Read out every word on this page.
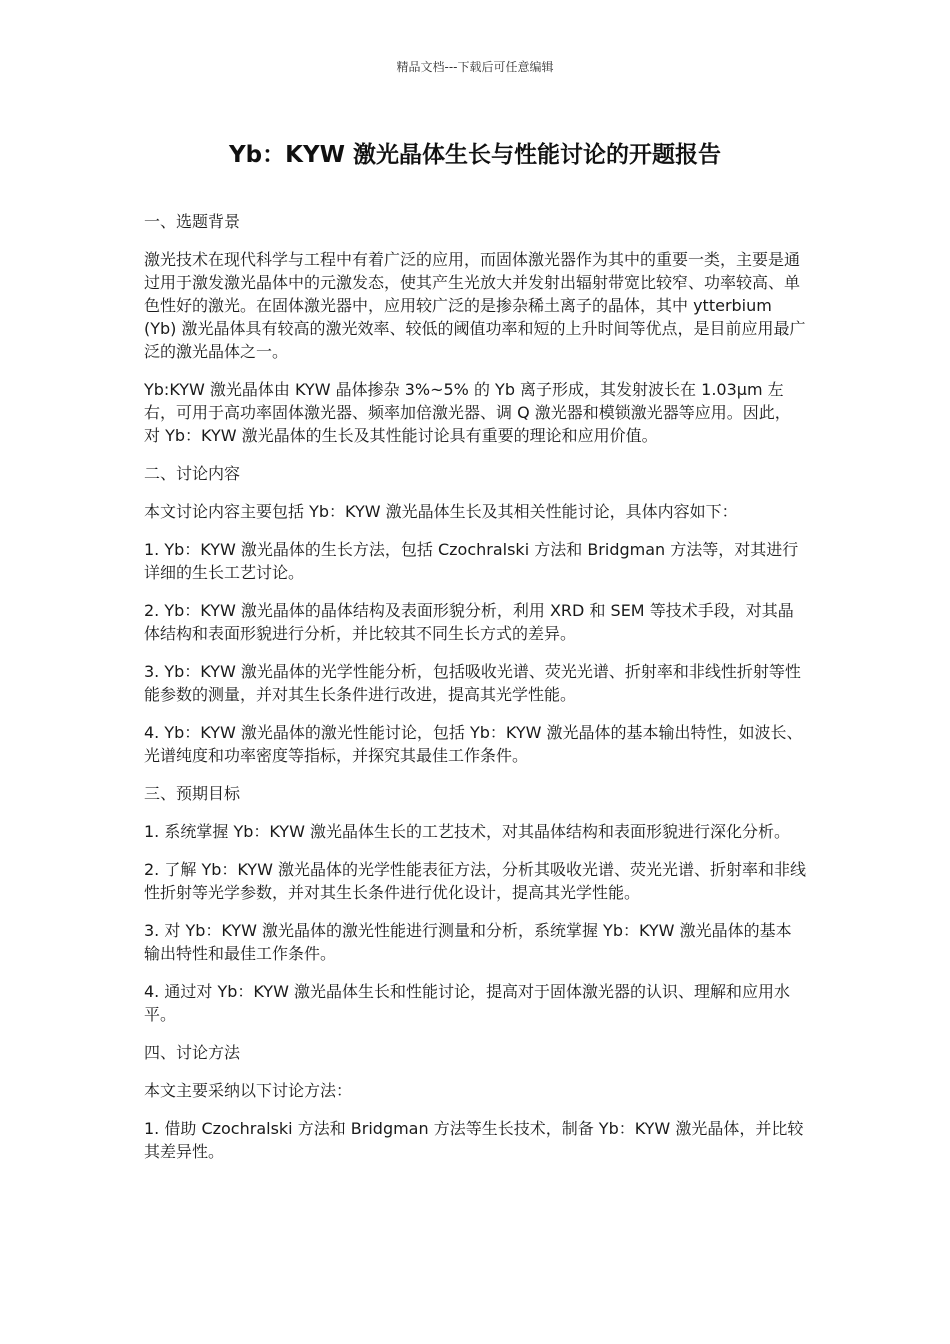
精品文档---下载后可任意编辑
Yb：KYW 激光晶体生长与性能讨论的开题报告

一、选题背景

激光技术在现代科学与工程中有着广泛的应用，而固体激光器作为其中的重要一类，主要是通过用于激发激光晶体中的元激发态，使其产生光放大并发射出辐射带宽比较窄、功率较高、单色性好的激光。在固体激光器中，应用较广泛的是掺杂稀土离子的晶体，其中 ytterbium (Yb) 激光晶体具有较高的激光效率、较低的阈值功率和短的上升时间等优点，是目前应用最广泛的激光晶体之一。

Yb:KYW 激光晶体由 KYW 晶体掺杂 3%~5% 的 Yb 离子形成，其发射波长在 1.03μm 左右，可用于高功率固体激光器、频率加倍激光器、调 Q 激光器和模锁激光器等应用。因此，对 Yb：KYW 激光晶体的生长及其性能讨论具有重要的理论和应用价值。

二、讨论内容

本文讨论内容主要包括 Yb：KYW 激光晶体生长及其相关性能讨论，具体内容如下：

1. Yb：KYW 激光晶体的生长方法，包括 Czochralski 方法和 Bridgman 方法等，对其进行详细的生长工艺讨论。

2. Yb：KYW 激光晶体的晶体结构及表面形貌分析，利用 XRD 和 SEM 等技术手段，对其晶体结构和表面形貌进行分析，并比较其不同生长方式的差异。

3. Yb：KYW 激光晶体的光学性能分析，包括吸收光谱、荧光光谱、折射率和非线性折射等性能参数的测量，并对其生长条件进行改进，提高其光学性能。

4. Yb：KYW 激光晶体的激光性能讨论，包括 Yb：KYW 激光晶体的基本输出特性，如波长、光谱纯度和功率密度等指标，并探究其最佳工作条件。

三、预期目标

1. 系统掌握 Yb：KYW 激光晶体生长的工艺技术，对其晶体结构和表面形貌进行深化分析。

2. 了解 Yb：KYW 激光晶体的光学性能表征方法，分析其吸收光谱、荧光光谱、折射率和非线性折射等光学参数，并对其生长条件进行优化设计，提高其光学性能。

3. 对 Yb：KYW 激光晶体的激光性能进行测量和分析，系统掌握 Yb：KYW 激光晶体的基本输出特性和最佳工作条件。

4. 通过对 Yb：KYW 激光晶体生长和性能讨论，提高对于固体激光器的认识、理解和应用水平。

四、讨论方法

本文主要采纳以下讨论方法：

1. 借助 Czochralski 方法和 Bridgman 方法等生长技术，制备 Yb：KYW 激光晶体，并比较其差异性。
